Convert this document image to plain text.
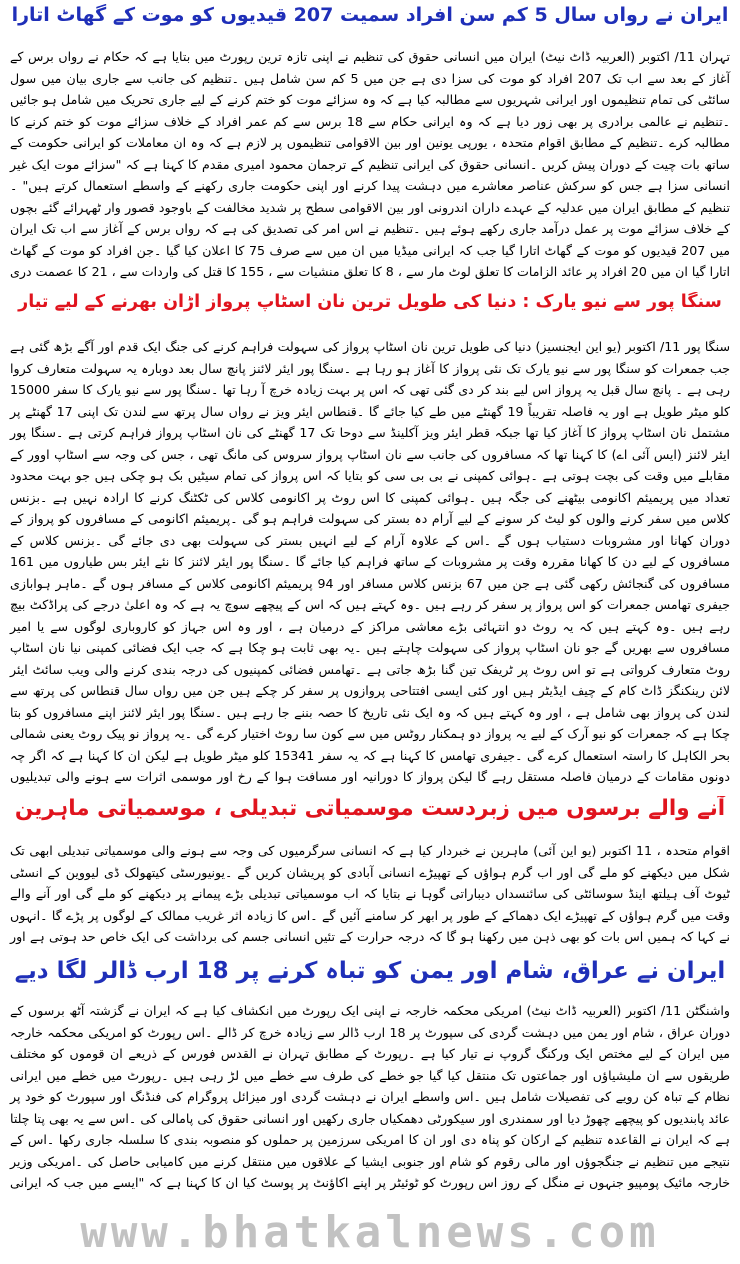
ایران نے رواں سال 5 کم سن افراد سمیت 207 قیدیوں کو موت کے گھاٹ اتارا

تہران 11/ اکتوبر (العربیہ ڈاٹ نیٹ) ایران میں انسانی حقوق کی تنظیم نے اپنی تازہ ترین رپورٹ میں بتایا ہے کہ حکام نے رواں برس کے آغاز کے بعد سے اب تک 207 افراد کو موت کی سزا دی ہے جن میں 5 کم سن شامل ہیں ۔تنظیم کی جانب سے جاری بیان میں سول سائٹی کی تمام تنظیموں اور ایرانی شہریوں سے مطالبہ کیا ہے کہ وہ سزائے موت کو ختم کرنے کے لیے جاری تحریک میں شامل ہو جائیں ۔تنظیم نے عالمی برادری پر بھی زور دیا ہے کہ وہ ایرانی حکام سے 18 برس سے کم عمر افراد کے خلاف سزائے موت کو ختم کرنے کا مطالبہ کرے ۔تنظیم کے مطابق اقوام متحدہ ، یورپی یونین اور بین الاقوامی تنظیموں پر لازم ہے کہ وہ ان معاملات کو ایرانی حکومت کے ساتھ بات چیت کے دوران پیش کریں ۔انسانی حقوق کی ایرانی تنظیم کے ترجمان محمود امیری مقدم کا کہنا ہے کہ "سزائے موت ایک غیر انسانی سزا ہے جس کو سرکش عناصر معاشرے میں دہشت پیدا کرنے اور اپنی حکومت جاری رکھنے کے واسطے استعمال کرتے ہیں" ۔تنظیم کے مطابق ایران میں عدلیہ کے عہدے داران اندرونی اور بین الاقوامی سطح پر شدید مخالفت کے باوجود قصور وار ٹھہرائے گئے بچوں کے خلاف سزائے موت پر عمل درآمد جاری رکھے ہوئے ہیں ۔تنظیم نے اس امر کی تصدیق کی ہے کہ رواں برس کے آغاز سے اب تک ایران میں 207 قیدیوں کو موت کے گھاٹ اتارا گیا جب کہ ایرانی میڈیا میں ان میں سے صرف 75 کا اعلان کیا گیا ۔جن افراد کو موت کے گھاٹ اتارا گیا ان میں 20 افراد پر عائد الزامات کا تعلق لوٹ مار سے ، 8 کا تعلق منشیات سے ، 155 کا قتل کی واردات سے ، 21 کا عصمت دری

سنگا پور سے نیو یارک : دنیا کی طویل ترین نان اسٹاپ پرواز اڑان بھرنے کے لیے تیار

سنگا پور 11/ اکتوبر (یو این ایجنسیز) دنیا کی طویل ترین نان اسٹاپ پرواز کی سہولت فراہم کرنے کی جنگ ایک قدم اور آگے بڑھ گئی ہے جب جمعرات کو سنگا پور سے نیو یارک تک نئی پرواز کا آغاز ہو رہا ہے ۔سنگا پور ایئر لائنز پانچ سال بعد دوبارہ یہ سہولت متعارف کروا رہی ہے ۔ پانچ سال قبل یہ پرواز اس لیے بند کر دی گئی تھی کہ اس پر بہت زیادہ خرچ آ رہا تھا ۔سنگا پور سے نیو یارک کا سفر 15000 کلو میٹر طویل ہے اور یہ فاصلہ تقریباً 19 گھنٹے میں طے کیا جائے گا ۔قنطاس ایئر ویز نے رواں سال پرتھ سے لندن تک اپنی 17 گھنٹے پر مشتمل نان اسٹاپ پرواز کا آغاز کیا تھا جبکہ قطر ایئر ویز آکلینڈ سے دوحا تک 17 گھنٹے کی نان اسٹاپ پرواز فراہم کرتی ہے ۔سنگا پور ایئر لائنز (ایس آئی اے) کا کہنا تھا کہ مسافروں کی جانب سے نان اسٹاپ پرواز سروس کی مانگ تھی ، جس کی وجہ سے اسٹاپ اوور کے مقابلے میں وقت کی بچت ہوتی ہے ۔ہوائی کمپنی نے بی بی سی کو بتایا کہ اس پرواز کی تمام سیٹیں بک ہو چکی ہیں جو بہت محدود تعداد میں پریمیئم اکانومی بیٹھنے کی جگہ ہیں ۔ہوائی کمپنی کا اس روٹ پر اکانومی کلاس کی ٹکٹنگ کرنے کا ارادہ نہیں ہے ۔بزنس کلاس میں سفر کرنے والوں کو لیٹ کر سونے کے لیے آرام دہ بستر کی سہولت فراہم ہو گی ۔پریمیئم اکانومی کے مسافروں کو پرواز کے دوران کھانا اور مشروبات دستیاب ہوں گے ۔اس کے علاوہ آرام کے لیے انہیں بستر کی سہولت بھی دی جائے گی ۔بزنس کلاس کے مسافروں کے لیے دن کا کھانا مقررہ وقت پر مشروبات کے ساتھ فراہم کیا جائے گا ۔سنگا پور ایئر لائنز کا نئے ایئر بس طیاروں میں 161 مسافروں کی گنجائش رکھی گئی ہے جن میں 67 بزنس کلاس مسافر اور 94 پریمیئم اکانومی کلاس کے مسافر ہوں گے ۔ماہر ہوابازی جیفری تھامس جمعرات کو اس پرواز پر سفر کر رہے ہیں ۔وہ کہتے ہیں کہ اس کے پیچھے سوچ یہ ہے کہ وہ اعلیٰ درجے کی پراڈکٹ بیچ رہے ہیں ۔وہ کہتے ہیں کہ یہ روٹ دو انتہائی بڑے معاشی مراکز کے درمیان ہے ، اور وہ اس جہاز کو کاروباری لوگوں سے یا امیر مسافروں سے بھریں گے جو نان اسٹاپ پرواز کی سہولت چاہتے ہیں ۔یہ بھی ثابت ہو چکا ہے کہ جب ایک فضائی کمپنی نیا نان اسٹاپ روٹ متعارف کرواتی ہے تو اس روٹ پر ٹریفک تین گنا بڑھ جاتی ہے ۔تھامس فضائی کمپنیوں کی درجہ بندی کرنے والی ویب سائٹ ایئر لائن رینکنگز ڈاٹ کام کے چیف ایڈیٹر ہیں اور کئی ایسی افتتاحی پروازوں پر سفر کر چکے ہیں جن میں رواں سال قنطاس کی پرتھ سے لندن کی پرواز بھی شامل ہے ، اور وہ کہتے ہیں کہ وہ ایک نئی تاریخ کا حصہ بننے جا رہے ہیں ۔سنگا پور ایئر لائنز اپنے مسافروں کو بتا چکا ہے کہ جمعرات کو نیو آرک کے لیے یہ پرواز دو ہمکنار روٹس میں سے کون سا روٹ اختیار کرے گی ۔یہ پرواز نو پیک روٹ یعنی شمالی بحر الکاہل کا راستہ استعمال کرے گی ۔جیفری تھامس کا کہنا ہے کہ یہ سفر 15341 کلو میٹر طویل ہے لیکن ان کا کہنا ہے کہ اگر چہ دونوں مقامات کے درمیان فاصلہ مستقل رہے گا لیکن پرواز کا دورانیہ اور مسافت ہوا کے رخ اور موسمی اثرات سے ہونے والی تبدیلیوں

آنے والے برسوں میں زبردست موسمیاتی تبدیلی ، موسمیاتی ماہرین

اقوام متحدہ ، 11 اکتوبر (یو این آئی) ماہرین نے خبردار کیا ہے کہ انسانی سرگرمیوں کی وجہ سے ہونے والی موسمیاتی تبدیلی ابھی تک شکل میں دیکھنے کو ملے گی اور اب گرم ہواؤں کے تھپیڑے انسانی آبادی کو پریشان کریں گے ۔یونیورسٹی کیتھولک ڈی لیووین کے انسٹی ٹیوٹ آف ہیلتھ اینڈ سوسائٹی کی سائنسداں دیباراتی گوہا نے بتایا کہ اب موسمیاتی تبدیلی بڑے پیمانے پر دیکھنے کو ملے گی اور آنے والے وقت میں گرم ہواؤں کے تھپیڑے ایک دھماکے کے طور پر ابھر کر سامنے آئیں گے ۔اس کا زیادہ اثر غریب ممالک کے لوگوں پر پڑے گا ۔انہوں نے کہا کہ ہمیں اس بات کو بھی ذہن میں رکھنا ہو گا کہ درجہ حرارت کے تئیں انسانی جسم کی برداشت کی ایک خاص حد ہوتی ہے اور

ایران نے عراق، شام اور یمن کو تباہ کرنے پر 18 ارب ڈالر لگا دیے

واشنگٹن 11/ اکتوبر (العربیہ ڈاٹ نیٹ) امریکی محکمہ خارجہ نے اپنی ایک رپورٹ میں انکشاف کیا ہے کہ ایران نے گزشتہ آٹھ برسوں کے دوران عراق ، شام اور یمن میں دہشت گردی کی سپورٹ پر 18 ارب ڈالر سے زیادہ خرچ کر ڈالے ۔اس رپورٹ کو امریکی محکمہ خارجہ میں ایران کے لیے مختص ایک ورکنگ گروپ نے تیار کیا ہے ۔رپورٹ کے مطابق تہران نے القدس فورس کے ذریعے ان قوموں کو مختلف طریقوں سے ان ملیشیاؤں اور جماعتوں تک منتقل کیا گیا جو خطے کی طرف سے خطے میں لڑ رہی ہیں ۔رپورٹ میں خطے میں ایرانی نظام کے تباہ کن رویے کی تفصیلات شامل ہیں ۔اس واسطے ایران نے دہشت گردی اور میزائل پروگرام کی فنڈنگ اور سپورٹ کو خود پر عائد پابندیوں کو پیچھے چھوڑ دیا اور سمندری اور سیکورٹی دھمکیاں جاری رکھیں اور انسانی حقوق کی پامالی کی ۔اس سے یہ بھی پتا چلتا ہے کہ ایران نے القاعدہ تنظیم کے ارکان کو پناہ دی اور ان کا امریکی سرزمین پر حملوں کو منصوبہ بندی کا سلسلہ جاری رکھا ۔اس کے نتیجے میں تنظیم نے جنگجوؤں اور مالی رقوم کو شام اور جنوبی ایشیا کے علاقوں میں منتقل کرنے میں کامیابی حاصل کی ۔امریکی وزیر خارجہ مائیک پومپیو جنہوں نے منگل کے روز اس رپورٹ کو ٹوئیٹر پر اپنے اکاؤنٹ پر پوسٹ کیا ان کا کہنا ہے کہ "ایسے میں جب کہ ایرانی

www.bhatkalnews.com
